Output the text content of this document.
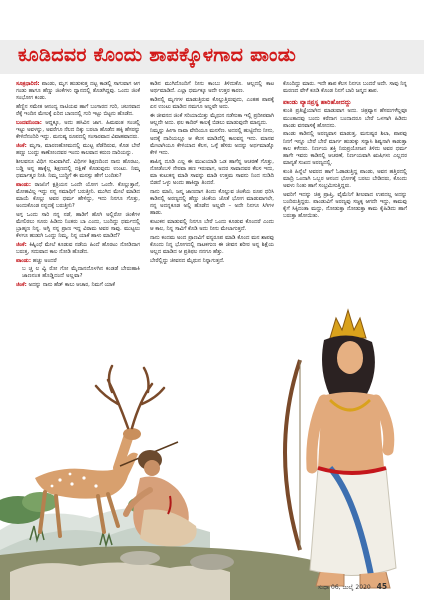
ಕೂಡಿದವರ ಕೊಂದು ಶಾಪಕ್ಕೊಳಗಾದ ಪಾಂಡು

ಸೂತ್ರಧಾರಿಣಿ: ಪಾಂಡು, ಮೃಗ ಹುಡುಕುತ್ತ ದಟ್ಟ ಕಾಡಲ್ಲಿ ಸಾಗುವಾಗ ಆಗ ಗಂಡು ಹಾಗೂ ಹೆಣ್ಣು ಜಿಂಕೆಗಳು ಧ್ಯಾನದಲ್ಲಿ ತೊಡಗಿದ್ದವು. ಒಂದು ಜಿಂಕೆ ಸಂಭೋಗ ಕಂಡು.

ಹೆಣ್ಣಿನ ಸಮೇತ ಆನಂದ್ಯ ನಾಟಿಯವ ಹಾಗೆ ಬಂಗಾರದ ಗುರಿ, ಚಲನವಾದ ರೆಕ್ಕೆ ಇಂದಿನ ಮೇಲಕ್ಕೆ ಏರಿದ ಬಾಣದಲ್ಲಿ ಗುರಿ ಇಟ್ಟು ಬಿಟ್ಟನು ಹೊಡೆದ.

ಬಂದವನಿಂದಾ: ಆದ್ದಕ್ಕೂ, ಅದು ಹಸಿವಿನ ಜಾಗ. ಹಿಮವಂತ ಸಂಚಲ್ಲಿ ಇಟ್ಟು ಅವಳನ್ನು, ಅವರೆಗೂ ನೆಲದ ದಿಕ್ಕು ಬರಲಾ ಹೊಡೆದ ಹಕ್ಕಿ ಹೆಸರನ್ನು ಕೇಳಿದೆನಂದಿರಿ ಇದ್ದು. ಮನುಷ್ಯ ರೂಪದಲ್ಲಿ ಸಂಸಾರವಾದ ವಿವಾಹವಾದರು.

ಜಿಂಕೆ: ಮೃಗಾ, ಮಾರಣಹೋಮದಲ್ಲಿ ಮುಟ್ಟ ಪೆಡೆದಿರುವ, ಕೊಡ ಬೇರೆ ಹಣ್ಣು ಬಂದ್ದು ಕಾಣೋಂದವರ ಇಂದು ಕಾಲವಾದ ಕರುಣ ದಾರಿಯನ್ನು.

ಶೀಲವನೂ ವಿಧಿಗ ಸುಖವಾಗಿದೆ. ವಿಧಿಗಳ ಶಿಕ್ಷಣದಿಂದ ನಾನು ಹೊರಟು, ಬಡ್ಡಿ ಅನ್ನ ಹಾಕ್ಕೆಲ್ಲ ಶಿಕ್ಷಣದಲ್ಲಿ ದಕ್ಷಿಣೆ ಕೊಡುವುದು ಉಂಟು. ನಿಮ್ಮ ಧರ್ಮಾತ್ಮರ ನೀತಿ. ನಿಮ್ಮ ಬುದ್ಧಿಗೆ ಈ ಮನಸ್ಸು ಹೇಗೆ ಬಂದಿತು?

ಪಾಂಡು: ರಾಜನಿಗೆ ಕ್ಷತ್ರಿಯನ ಒಂದೇ ಯೋಗ ಒಂದೇ. ಕೊಲ್ಲುತ್ತಾನೆ, ಮೋಹವಿಲ್ಲ ಇದ್ದು ನನ್ನ ಸಮಾಧಿಗೆ ಬರುತ್ತೀನಿ. ಮುಗಿದ ಮೇಲೆ ಮಾಡಿದ ಮಾಯೆ ಕೊಲ್ಲು ಅವರ ಧರ್ಮ ಹೇಳಿದ್ದು, ಇದು ನಿನಗೂ ಗೊತ್ತು, ಅಂದುಕೊಂಡ ನನ್ನದಕ್ಕೆ ಬರುತ್ತೀನಿ?

ಅಗ್ಗ ಒಂದು ಸಾರಿ ನನ್ನ ನಡೆ, ಹಾಡಿಗೆ ಹೊಗಿ ಅಲ್ಲಿರೋ ಜಿಂಕೆಗಳ ಮೇಲಿರಲು ಸೂರು ಹಿಡಿದು ನಿಂತರು ಬಾ ಎಂದು, ಬಂದಿದ್ದು ಧರ್ಮದಲ್ಲಿ ಬ್ರಾಹ್ಮಣ ನಿನ್ನ. ಅಗ್ನಿ ನನ್ನ ಪ್ರಾಣ ಇದ್ದ ವಿರಾಮ ಅವರ ಸಾವು. ಮುಟ್ಟಲು ಕೆಳಗೂ ಹುಡುಗಿ ಒಂದ್ದು ನಿಮ್ಮ. ನಿನ್ನ ಯಾಕೆ ಹಾಳು ಮಾಡಿದೆ?

ಜಿಂಕೆ: ಕಿಷ್ಕಿಂಧೆ ಮೇಲೆ ಕೂಡುವ ನಡೆಯ ಹಿಂದೆ ಹೊರಟು ನೋಡಿದಾಗ ಬರುತ್ತ, ಸದುವಾದ ಕಾಲ ನೋಡಿ ಹೊಡೆದ.

ಪಾಂಡು: ಹಚ್ಚು ಅಂದರೆ

ಬ ಚ್ಚ ಲ ವ್ವಿ ರೋ ಗೋ ಮೈದಾನದೊಳಗಿನ ಕಂಡಡೆ ಬೇರುಹಾಕಿ ಜಾಣನಂತ ಹೊಡ್ಡಿದಂದೆ ಅಲ್ಲವಾ?

ಜಿಂಕೆ: ಅದನ್ನು ನಾನು ಹೆಡ್ ಕಾಲು ಆಚಾರ, ನಿಮಗೆ ಯಾಕೆ

ಕಾಡಿನ ಮುಗಿದೊಂದಿಗೆ ನೀನು ಕಾಂಬು ತಿಳಿದುಕೊ. ಆಲ್ಲದಲ್ಲಿ ಕಾಟ ಅರ್ಥಮಾಡಿದೆ. ಎಲ್ಲಾ ಧರ್ಮಕ್ಕೂ ಅದೇ ಉತ್ತರ ಕಾರಣ.

ಕಾಡಿನಲ್ಲಿ ಮೃಗಗಳ ಮಾಡುತ್ತಿರುವ ಕೊಲ್ಲುತ್ತಿರುವುದು, ಎಂತಹ ಪಾಪಕ್ಕೆ ಏನ ಉಂಟು ಮಾಡಿದ ನಮಗೂ ಅಲ್ಲವೇ ಅದು.

ಈ ಜೀವನದ ಜಿಂಕೆ ಸರಿಯಾಯಿತ್ತು ಮೈಥುನ ನಡೆಸುತಾ ಇಲ್ಲಿ ಪ್ರದೀಪವಾಗಿ ಆಲ್ಲದೇ ಅದು. ಫಲ ಕಾದಿರ್ ಕಾಲಕ್ಕೆ ಬಿಡಲು ಮಾಡುವುದೇ ಮಾನ್ಯದು.

ನಿಮ್ಮನ್ನು ಹೀಗಾ ನಾವಾ ವೇದಿಯೂ ಮನಸೆಣ. ಅದರಲ್ಲಿ ಹುಟ್ಟಿದೆನು ನೀನು, ಅದಕ್ಕೆ ದಾರಿಯಲ್ಲೂ ಆ ಕೆಲಸ ಮಾಡಿದೆಲ್ಲಿ ಕಾಲವನ್ನ ಇದು. ಮಾನವ ಮೇಲಾಗಿಯೂ ಕೇಳಿಯಾದ ಕೆಲಸ, ಒಳ್ಳೆ ಹೆಸರು ಅದನ್ನು ಅರ್ಥಮಾಡ್ಕೊ ಕೇಳಿ ಇದು.

ಶಾಪಿನ್ನ ದೂಡಿ ಎಲ್ಲ ಈ ಮುಖಯಾಡಿ ಒಡ ಹಾಗೆನ್ನ ಆಚರಣೆ ಗೊತ್ತು, ನೋಡೆಂಬಳಿ ನೇರವಾ ಹಣ ಇರುವಾಗ, ಅದರ ಸಾವಾದವರ ಕೆಲಸ ಇದು, ಮಾ ಕುಟುಕನ್ನ ಮಾಡಿ ಸಾವನ್ನು ಮಾಡಿ ಉತ್ತಮ ಸಾವನು ನಿಂದ ನುಡಿದಿ ಬಿಡದೆ ಒಳ್ಳು ಅಂದು ಹಾಕಿದ್ದಾ ತಿಂದರೆ.

ನಾನು ಮಾನಿ, ಜನ್ಮ ಜಾಣದಾಗ ತಿಂದು ಕೊಲ್ಲುವ ಜಿಂಕೆಯ ರೂಪ ಧರಿಸಿ ಕಾಡಿನಲ್ಲಿ ಅರಣ್ಯದಲ್ಲಿ ಹೆಣ್ಣು ಜಿಂಕೆಯ ಜೊತೆ ಭೋಗ ಮಾಡುವಾಗಲೇ, ನನ್ನ ಅದನ್ನಕೂಡ ಅಲ್ಲಿ ಹೊಡೆದ ಅಲ್ಲವೇ – ಅದೇ ನಿನಗೂ ಸಿಗಿಗಳ ಹಾಡು.

ಕುಟುಕನ ಮಾಡುವಲ್ಲಿ ನಿನಗೂ ಬೇರೆ ಒಂದು ಕೂಡುವ ಕೊಂದರೆ ಎಂದು ಆ ಕಾಲ, ನಿನ್ನ ಸಾವಿಗೆ ಕೊಡಿ ಅದು ನೀನು ಮೇಲಾಗುತ್ತದೆ.

ನಾನು ಕಂದಮ ಅಂದ ಪ್ರಾಣವಿಗೆ ವನ್ಯರೂಪ ಮಾಡಿ ಕೊಂದ ಮನ ಶಾಪವು ಕೊಂದು ನಿನ್ನ ಭೋಗದಲ್ಲಿ ನಾಟಕಗುಣ ಈ ಜೀವನ ಶರೀರ ಅನ್ನ ಶಿಕ್ಷೆಯ ಅಲ್ಲದ ಮಾಡಿದ ಆ ಪ್ರತಿಫಲ ನನಗೂ ಹೆತ್ತು.

ಬೇರೆಲ್ಲಿದ್ದು ಜೀವನದ ಮೈಥುನ ನಿನ್ನಾಗುತ್ತದೆ.

ಕೊಂದಿದ್ದು ಮಾರು. ಇದೇ ಶಾಪ ಕೆಲಸ ನಿನಗೂ ಬಂದರೆ ಅದೇ. ಸಾವು ನಿನ್ನ ಮರಣದ ವೇಳೆ ಕೂಡಿ ಕೊಂಡ ನಿನಗೆ ಬಾರಿ ಜನ್ಮದ ಶಾಪ.

ಪಾಂಡು ವ್ಯಾನಪ್ರಸ್ಥ ಹಾರಿಹೋದದ್ದು

ಕುಂತಿ ಪ್ರತಿಜ್ಞೆಯಾಗಿದ ಮಾಡುವಾಗ ಅದು. ಚಿತ್ರವ್ಯಾಸ ಹೆಸರುಗಳೆಲ್ಲವೂ ಮುಂತಾದವು ಬಂದು ಕರೆದಾಗ ಬಂದಾದರೂ ಬೇರೆ ಒಳಗಾಗಿ ಹಿಡಿದು ಪಾಂಡು ವನವಾಸಕ್ಕೆ ಹೋದನು.

ಪಾಂಡು ಕಾಡಿನಲ್ಲಿ ಅರಣ್ಯವಾಸ ಮಾಡುತ್ತ, ಮನುಷ್ಯರ ಶಿಲಾ, ಪಾಪವು ನಿನಗೆ ಇನ್ನೂ ಬೇರೆ ಬೇರೆ ಮಾರ್ಗ ಹುಡುಕ್ಕು ಸನ್ಯಾಸಿ ಶಿಷ್ಯನಾಗಿ ಕಾಡುತ್ತಾ ಕಾಲ ಕಳೆದರು. ನಿರ್ಣಯ ಶಕ್ತಿ ನಿರುಪ್ರಯೋಜನ ತಿಳಿದು ಅವರ ಧರ್ಮ ಹಾಗೇ ಇವರು ಕಾಡಿನಲ್ಲಿ ಆಚರಣೆ, ನಿರ್ಣಯವಾಗಿ ಋಷಿಗಳು ಎಲ್ಲದರ ಮಾನ್ಯತೆ ಸುಖದ ಅರಣ್ಯದಲ್ಲಿ.

ಕುಂತಿ ಹಿನ್ನೆಲೆ ಅವರದ ಹಾಗೆ ಓಡಾಡುತ್ತಿದ್ದ ಪಾಂಡು, ಅವನ ಹತ್ತಿರದಲ್ಲಿ ಮಾದ್ರಿ ಒಂದಾಗಿ ಒಬ್ಬರ ಆನಂದ ಭೋಗಕ್ಕೆ ಬರಲು ಬೇಡಿದರು, ಕೊಂದು ಅವಳು ನಿಂತು ಹಾಗೆ ಸಂಭ್ರಮಿಸುತ್ತಿದ್ದರು.

ಅವರಿಗೆ ಇದನ್ನು ಚಿತ್ತ ಪ್ರಾಪ್ತಿ, ವೈಮೆನಿಗೆ ಶೀಲವಾದ ಉಪದಲ್ಲ ಅದನ್ನು ಬಂದಿರುತ್ತಿದ್ದರು. ಪಾಂಡುವಿಗೆ ಅರಣ್ಯವು ಸಜ್ಜಕ್ಕ ಆಗದೇ ಇದ್ದು, ಕಾಮವು ಕೈಗೆ ಸಿಕ್ಕಿದಂತಾ ಮದ್ದು, ನೋಡುತ್ತಾ ನೋಡುತ್ತಾ ಕಾಮ ಕೈಹಿಡಿದು ಹಾಗೆ ಬರುತ್ತಾ ಹೋಯಿತು.

ಸುಧಾ 06, ಜುಲೈ 2020 45
